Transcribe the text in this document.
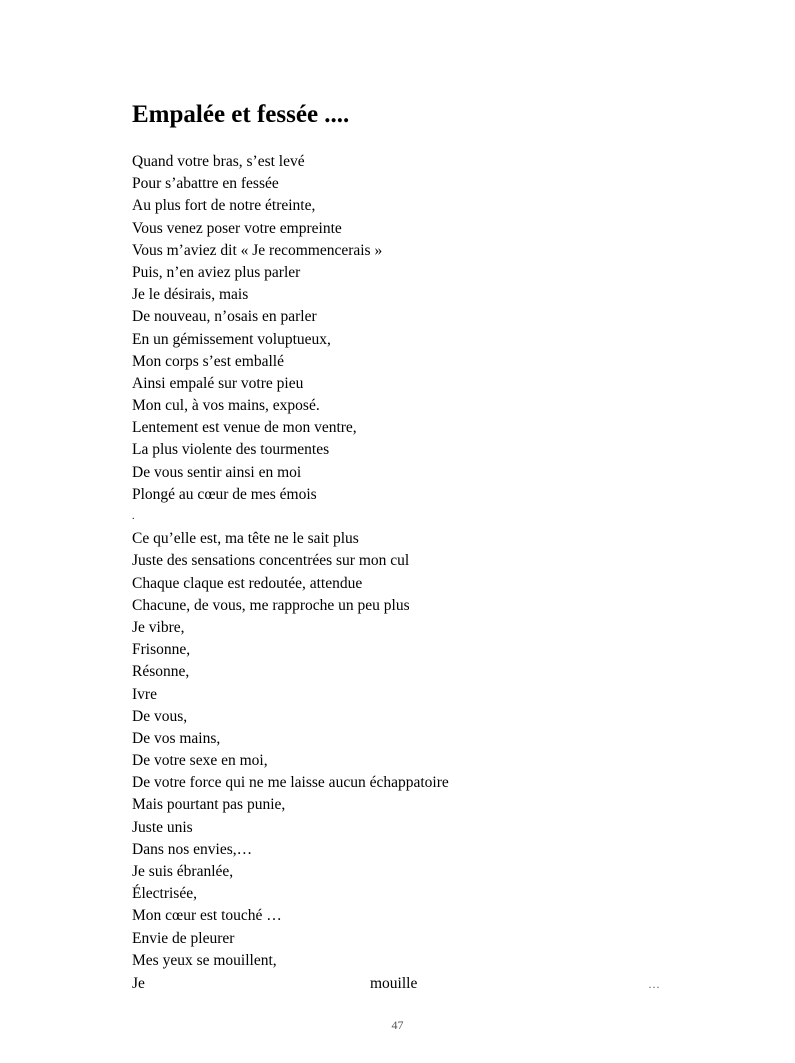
Empalée et fessée ....
Quand votre bras, s’est levé
Pour s’abattre en fessée
Au plus fort de notre étreinte,
Vous venez poser votre empreinte
Vous m’aviez dit « Je recommencerais »
Puis, n’en aviez plus parler
Je le désirais, mais
De nouveau, n’osais en parler
En un gémissement voluptueux,
Mon corps s’est emballé
Ainsi empalé sur votre pieu
Mon cul, à vos mains, exposé.
Lentement est venue de mon ventre,
La plus violente des tourmentes
De vous sentir ainsi en moi
Plongé au cœur de mes émois
.
Ce qu’elle est, ma tête ne le sait plus
Juste des sensations concentrées sur mon cul
Chaque claque est redoutée, attendue
Chacune, de vous, me rapproche un peu plus
Je vibre,
Frisonne,
Résonne,
Ivre
De vous,
De vos mains,
De votre sexe en moi,
De votre force qui ne me laisse aucun échappatoire
Mais pourtant pas punie,
Juste unis
Dans nos envies,…
Je suis ébranlée,
Électrisée,
Mon cœur est touché …
Envie de pleurer
Mes yeux se mouillent,
Je	mouille	…
47
